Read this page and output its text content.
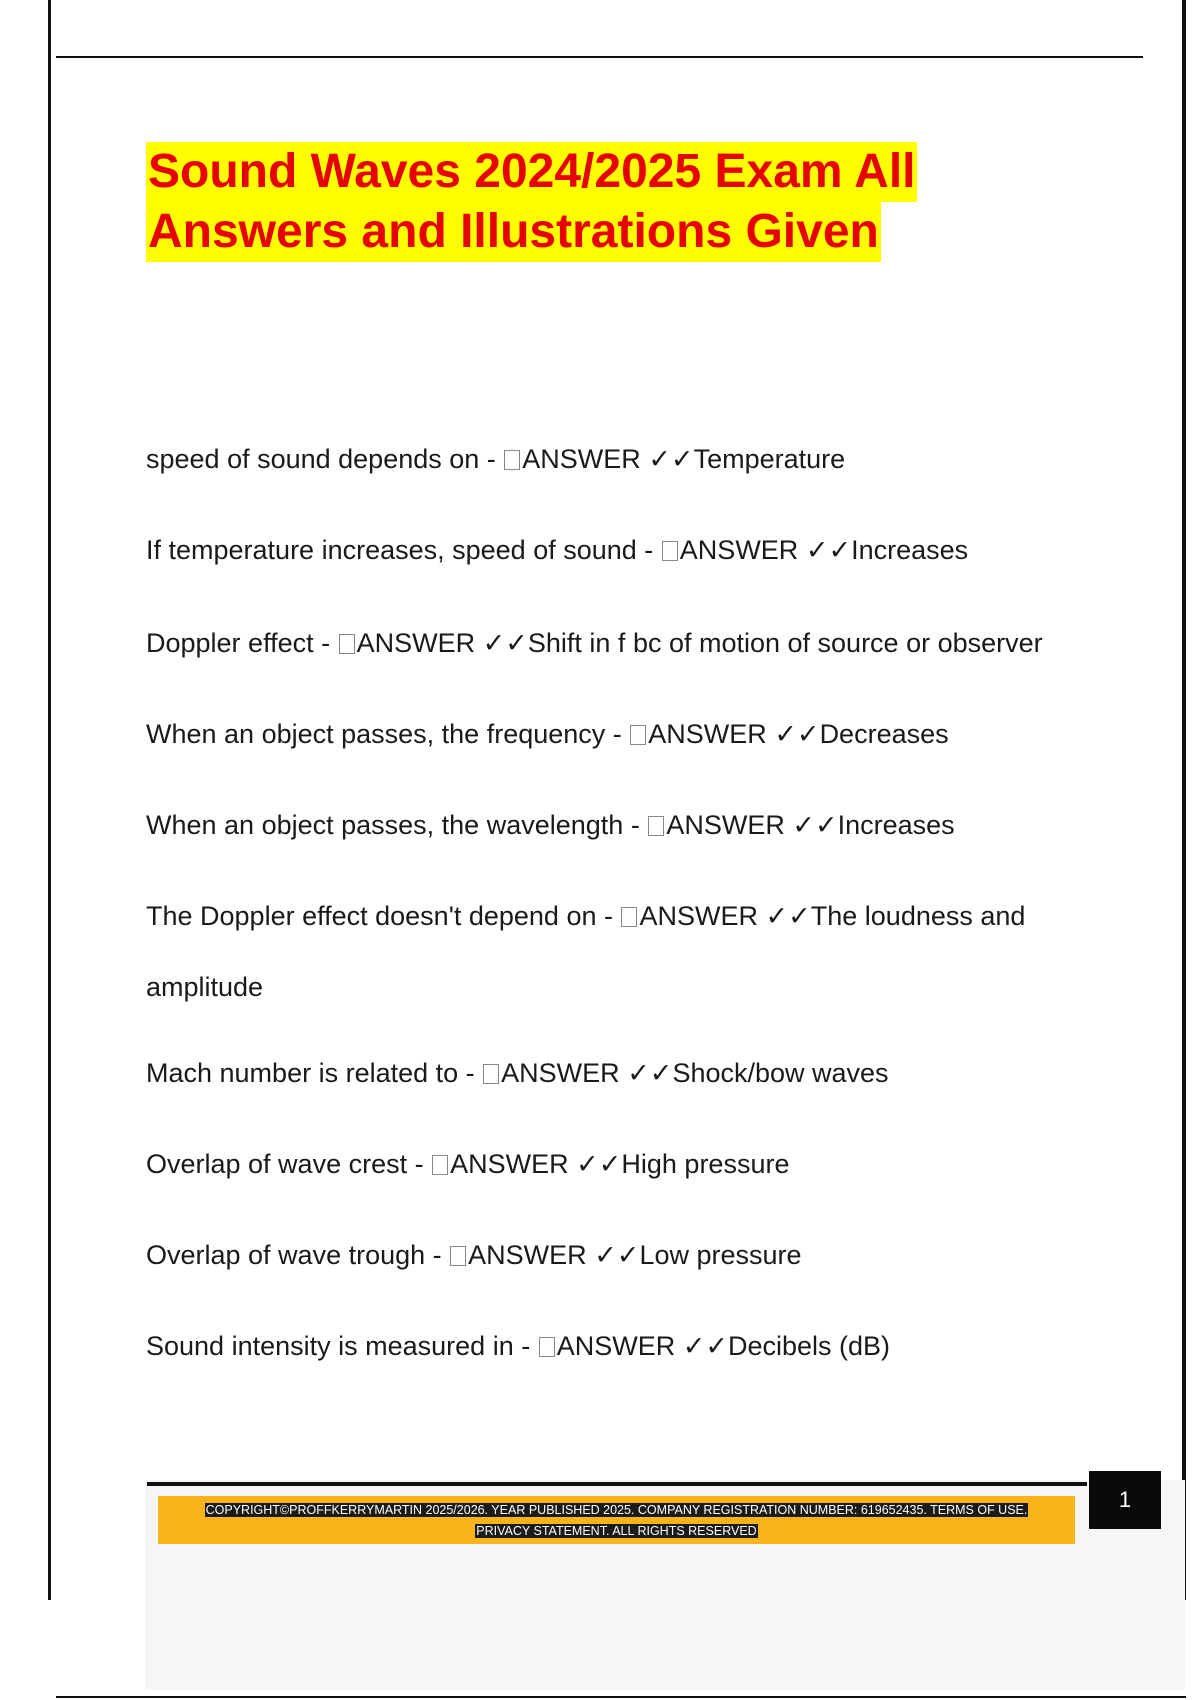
Sound Waves 2024/2025 Exam All
Answers and Illustrations Given
speed of sound depends on - ANSWER ✓✓Temperature
If temperature increases, speed of sound - ANSWER ✓✓Increases
Doppler effect - ANSWER ✓✓Shift in f bc of motion of source or observer
When an object passes, the frequency - ANSWER ✓✓Decreases
When an object passes, the wavelength - ANSWER ✓✓Increases
The Doppler effect doesn't depend on - ANSWER ✓✓The loudness and
amplitude
Mach number is related to - ANSWER ✓✓Shock/bow waves
Overlap of wave crest - ANSWER ✓✓High pressure
Overlap of wave trough - ANSWER ✓✓Low pressure
Sound intensity is measured in - ANSWER ✓✓Decibels (dB)
COPYRIGHT©PROFFKERRYMARTIN 2025/2026. YEAR PUBLISHED 2025. COMPANY REGISTRATION NUMBER: 619652435. TERMS OF USE.
PRIVACY STATEMENT. ALL RIGHTS RESERVED
1
